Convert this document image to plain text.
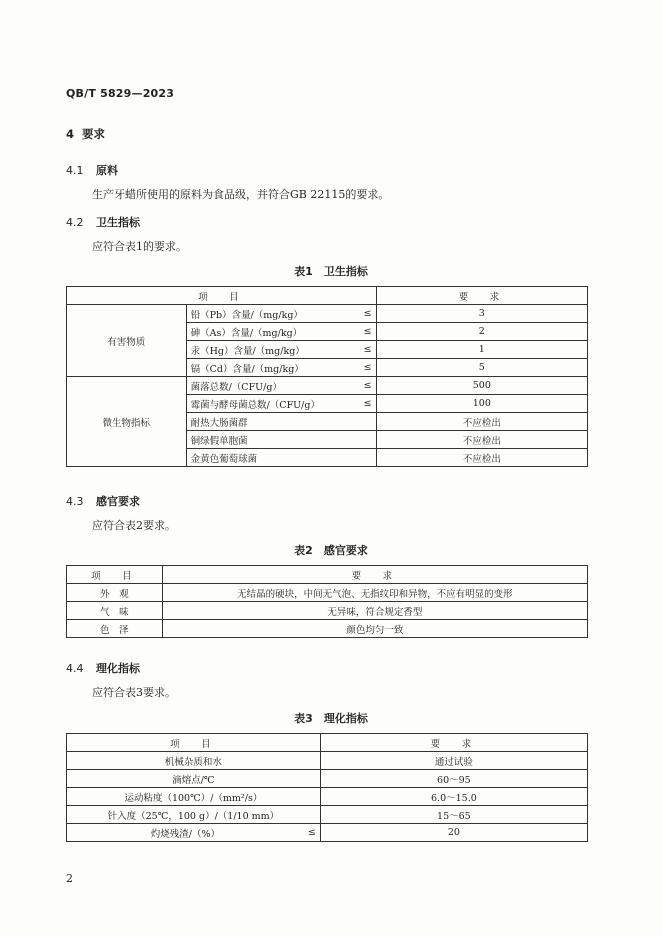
QB/T 5829—2023
4 要求
4.1 原料
生产牙蜡所使用的原料为食品级，并符合GB 22115的要求。
4.2 卫生指标
应符合表1的要求。
表1　卫生指标
项　目			要　求
有害物质	铅（Pb）含量/（mg/kg）	≤	3
	砷（As）含量/（mg/kg）	≤	2
	汞（Hg）含量/（mg/kg）	≤	1
	镉（Cd）含量/（mg/kg）	≤	5
微生物指标	菌落总数/（CFU/g）	≤	500
	霉菌与酵母菌总数/（CFU/g）	≤	100
	耐热大肠菌群		不应检出
	铜绿假单胞菌		不应检出
	金黄色葡萄球菌		不应检出
4.3 感官要求
应符合表2要求。
表2　感官要求
项　目	要　求
外　观	无结晶的硬块，中间无气泡、无指纹印和异物，不应有明显的变形
气　味	无异味，符合规定香型
色　泽	颜色均匀一致
4.4 理化指标
应符合表3要求。
表3　理化指标
项　目		要　求
机械杂质和水		通过试验
滴熔点/℃		60～95
运动粘度（100℃）/（mm²/s）		6.0～15.0
针入度（25℃，100 g）/（1/10 mm）		15～65
灼烧残渣/（%）	≤	20
2
